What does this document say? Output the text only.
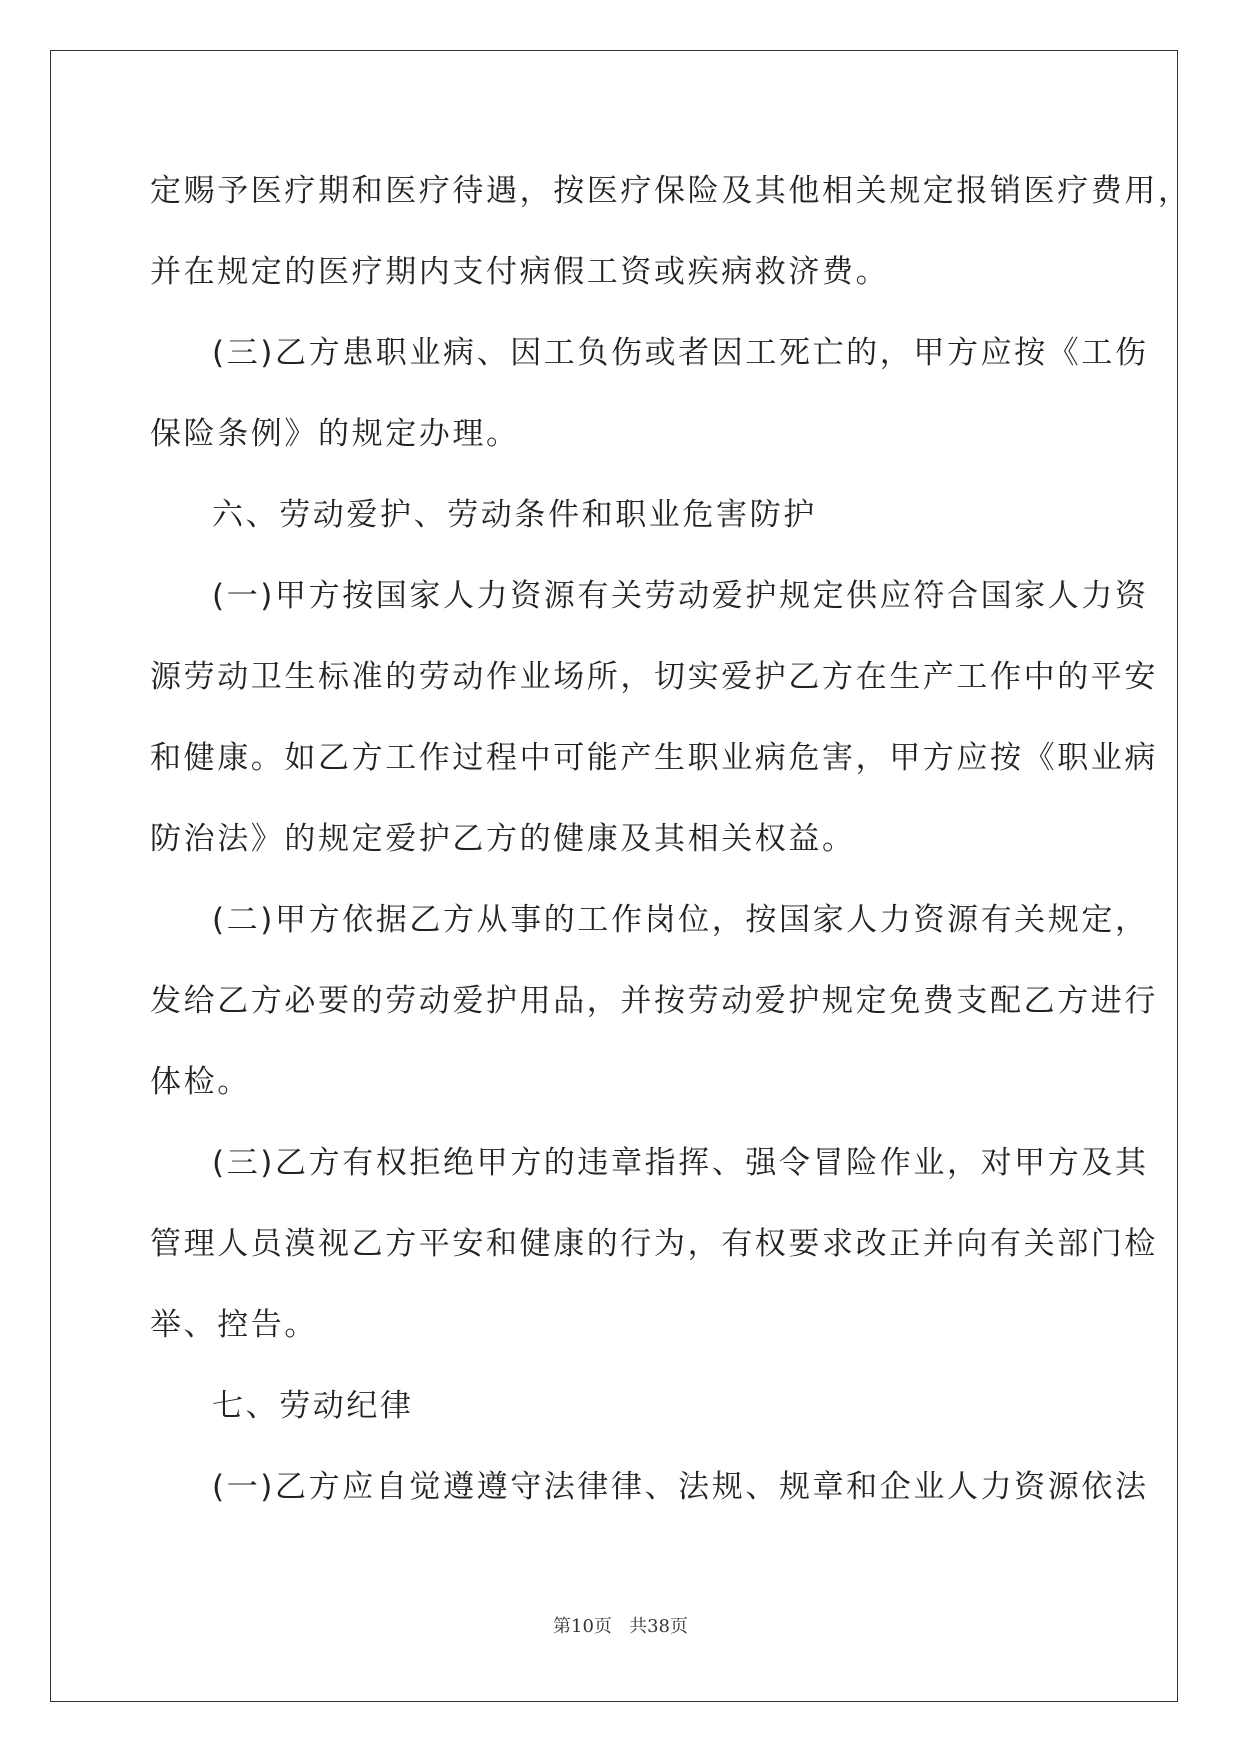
定赐予医疗期和医疗待遇，按医疗保险及其他相关规定报销医疗费用，
并在规定的医疗期内支付病假工资或疾病救济费。
(三)乙方患职业病、因工负伤或者因工死亡的，甲方应按《工伤
保险条例》的规定办理。
六、劳动爱护、劳动条件和职业危害防护
(一)甲方按国家人力资源有关劳动爱护规定供应符合国家人力资
源劳动卫生标准的劳动作业场所，切实爱护乙方在生产工作中的平安
和健康。如乙方工作过程中可能产生职业病危害，甲方应按《职业病
防治法》的规定爱护乙方的健康及其相关权益。
(二)甲方依据乙方从事的工作岗位，按国家人力资源有关规定，
发给乙方必要的劳动爱护用品，并按劳动爱护规定免费支配乙方进行
体检。
(三)乙方有权拒绝甲方的违章指挥、强令冒险作业，对甲方及其
管理人员漠视乙方平安和健康的行为，有权要求改正并向有关部门检
举、控告。
七、劳动纪律
(一)乙方应自觉遵遵守法律律、法规、规章和企业人力资源依法
第10页 共38页
